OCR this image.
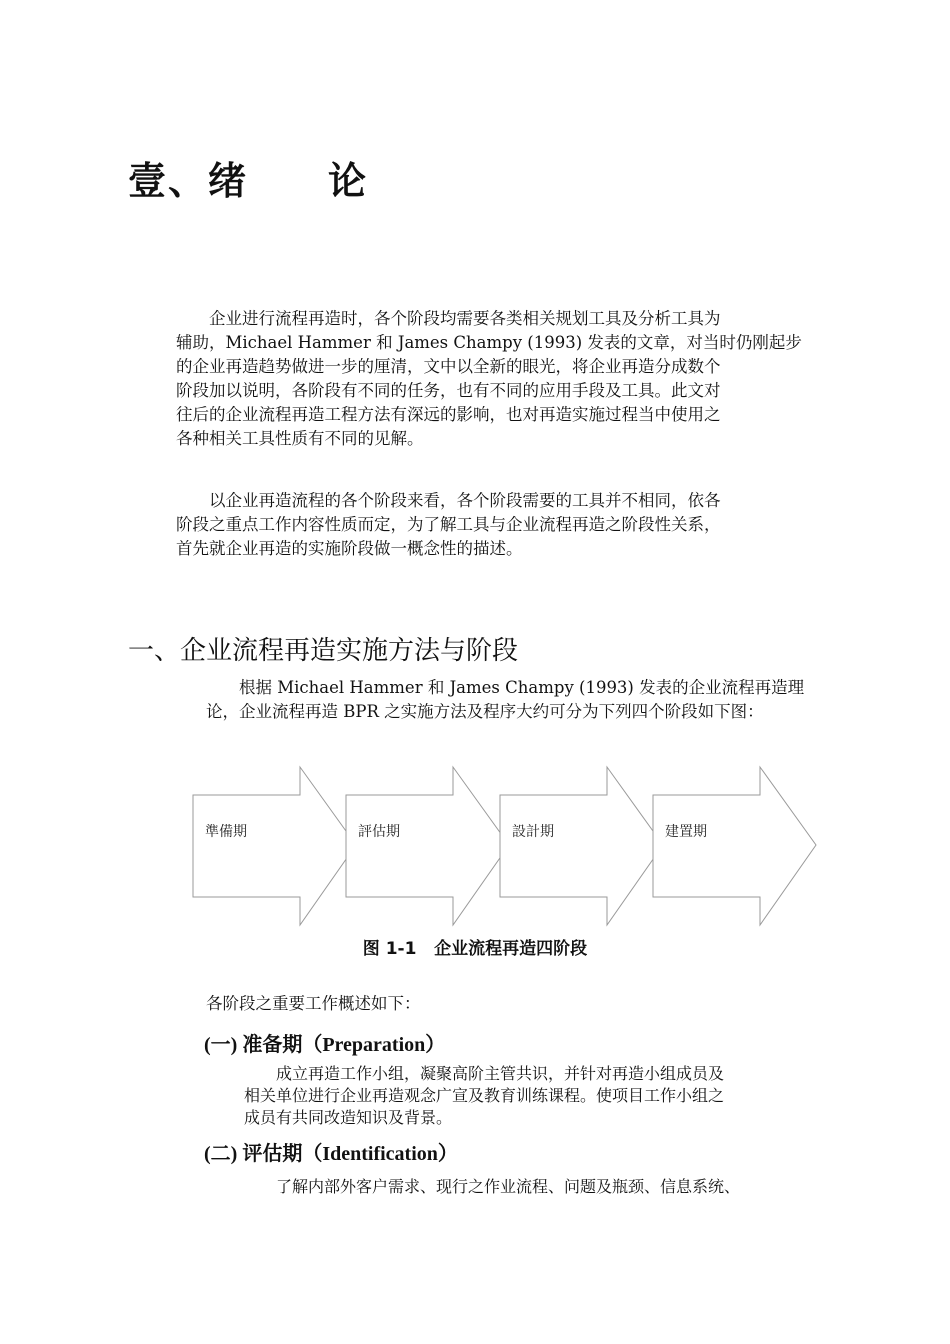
壹、绪　　论

　　企业进行流程再造时，各个阶段均需要各类相关规划工具及分析工具为
辅助，Michael Hammer 和 James Champy (1993) 发表的文章，对当时仍刚起步
的企业再造趋势做进一步的厘清，文中以全新的眼光，将企业再造分成数个
阶段加以说明，各阶段有不同的任务，也有不同的应用手段及工具。此文对
往后的企业流程再造工程方法有深远的影响，也对再造实施过程当中使用之
各种相关工具性质有不同的见解。

　　以企业再造流程的各个阶段来看，各个阶段需要的工具并不相同，依各
阶段之重点工作内容性质而定，为了解工具与企业流程再造之阶段性关系，
首先就企业再造的实施阶段做一概念性的描述。

一、企业流程再造实施方法与阶段

　　根据 Michael Hammer 和 James Champy (1993) 发表的企业流程再造理
论，企业流程再造 BPR 之实施方法及程序大约可分为下列四个阶段如下图：

準備期	評估期	設計期	建置期

图 1-1   企业流程再造四阶段

各阶段之重要工作概述如下：

(一) 准备期（Preparation）

　　成立再造工作小组，凝聚高阶主管共识，并针对再造小组成员及
相关单位进行企业再造观念广宣及教育训练课程。使项目工作小组之
成员有共同改造知识及背景。

(二) 评估期（Identification）

　　了解内部外客户需求、现行之作业流程、问题及瓶颈、信息系统、
